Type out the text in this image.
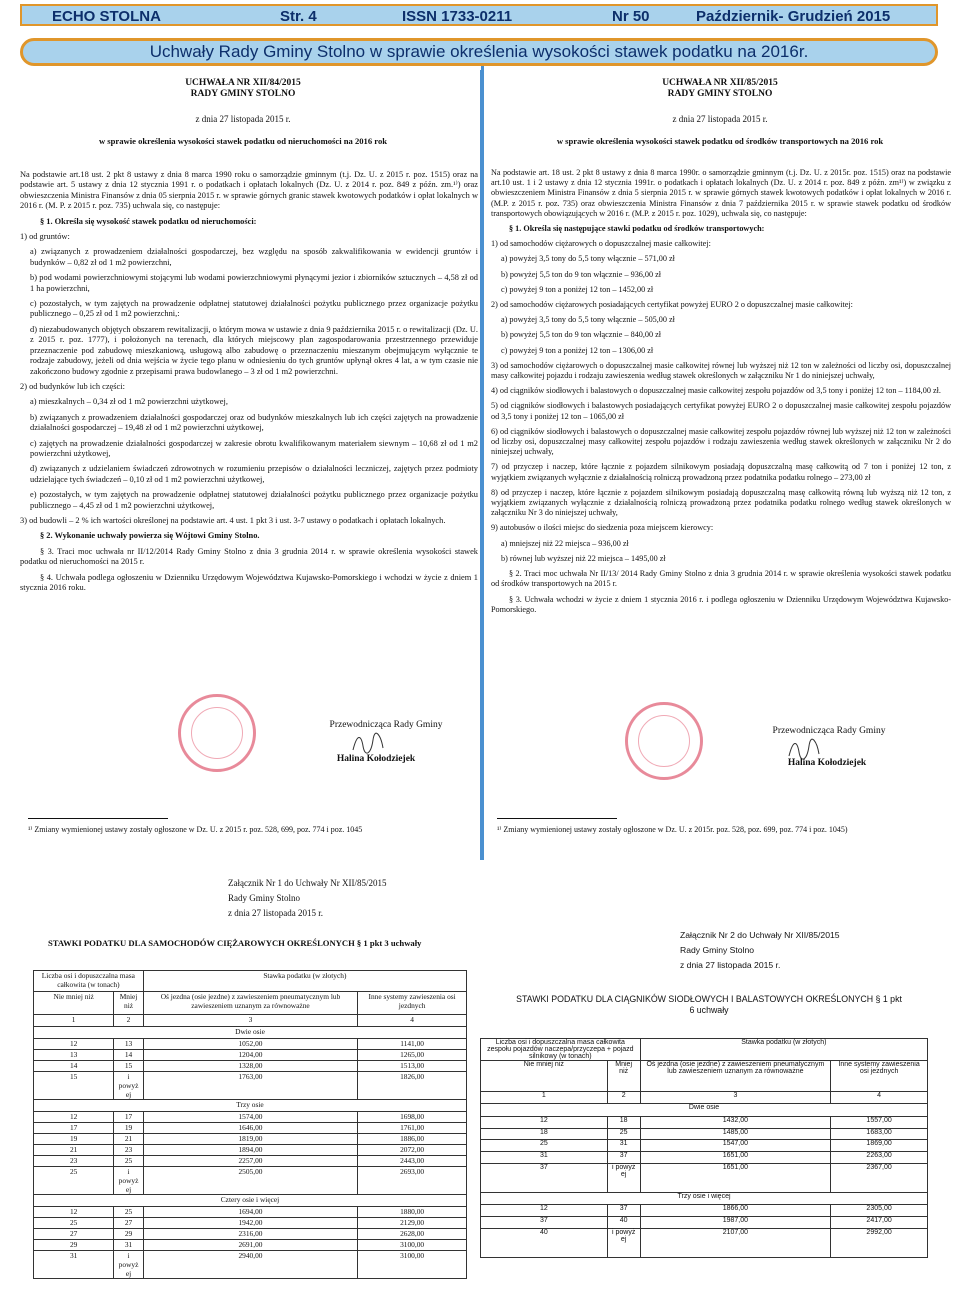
ECHO STOLNA	Str. 4	ISSN 1733-0211	Nr 50	Październik- Grudzień 2015
Uchwały Rady Gminy Stolno w sprawie określenia wysokości stawek podatku na 2016r.
UCHWAŁA NR XII/84/2015
RADY GMINY STOLNO
z dnia 27 listopada 2015 r.
w sprawie określenia wysokości stawek podatku od nieruchomości na 2016 rok

Na podstawie art.18 ust. 2 pkt 8 ustawy z dnia 8 marca 1990 roku o samorządzie gminnym (t.j. Dz. U. z 2015 r. poz. 1515) oraz na podstawie art. 5 ustawy z dnia 12 stycznia 1991 r. o podatkach i opłatach lokalnych (Dz. U. z 2014 r. poz. 849 z późn. zm.¹⁾) oraz obwieszczenia Ministra Finansów z dnia 05 sierpnia 2015 r. w sprawie górnych granic stawek kwotowych podatków i opłat lokalnych w 2016 r. (M. P. z 2015 r. poz. 735) uchwala się, co następuje:

§ 1. Określa się wysokość stawek podatku od nieruchomości:

1) od gruntów:

a) związanych z prowadzeniem działalności gospodarczej, bez względu na sposób zakwalifikowania w ewidencji gruntów i budynków – 0,82 zł od 1 m2 powierzchni,

b) pod wodami powierzchniowymi stojącymi lub wodami powierzchniowymi płynącymi jezior i zbiorników sztucznych – 4,58 zł od 1 ha powierzchni,

c) pozostałych, w tym zajętych na prowadzenie odpłatnej statutowej działalności pożytku publicznego przez organizacje pożytku publicznego – 0,25 zł od 1 m2 powierzchni,:

d) niezabudowanych objętych obszarem rewitalizacji, o którym mowa w ustawie z dnia 9 października 2015 r. o rewitalizacji (Dz. U. z 2015 r. poz. 1777), i położonych na terenach, dla których miejscowy plan zagospodarowania przestrzennego przewiduje przeznaczenie pod zabudowę mieszkaniową, usługową albo zabudowę o przeznaczeniu mieszanym obejmującym wyłącznie te rodzaje zabudowy, jeżeli od dnia wejścia w życie tego planu w odniesieniu do tych gruntów upłynął okres 4 lat, a w tym czasie nie zakończono budowy zgodnie z przepisami prawa budowlanego – 3 zł od 1 m2 powierzchni.

2) od budynków lub ich części:

a) mieszkalnych – 0,34 zł od 1 m2 powierzchni użytkowej,

b) związanych z prowadzeniem działalności gospodarczej oraz od budynków mieszkalnych lub ich części zajętych na prowadzenie działalności gospodarczej – 19,48 zł od 1 m2 powierzchni użytkowej,

c) zajętych na prowadzenie działalności gospodarczej w zakresie obrotu kwalifikowanym materiałem siewnym – 10,68 zł od 1 m2 powierzchni użytkowej,

d) związanych z udzielaniem świadczeń zdrowotnych w rozumieniu przepisów o działalności leczniczej, zajętych przez podmioty udzielające tych świadczeń – 0,10 zł od 1 m2 powierzchni użytkowej,

e) pozostałych, w tym zajętych na prowadzenie odpłatnej statutowej działalności pożytku publicznego przez organizacje pożytku publicznego – 4,45 zł od 1 m2 powierzchni użytkowej,

3) od budowli – 2 % ich wartości określonej na podstawie art. 4 ust. 1 pkt 3 i ust. 3-7 ustawy o podatkach i opłatach lokalnych.

§ 2. Wykonanie uchwały powierza się Wójtowi Gminy Stolno.

§ 3. Traci moc uchwała nr II/12/2014 Rady Gminy Stolno z dnia 3 grudnia 2014 r. w sprawie określenia wysokości stawek podatku od nieruchomości na 2015 r.

§ 4. Uchwała podlega ogłoszeniu w Dzienniku Urzędowym Województwa Kujawsko-Pomorskiego i wchodzi w życie z dniem 1 stycznia 2016 roku.

Przewodnicząca Rady Gminy
Halina Kołodziejek
¹⁾ Zmiany wymienionej ustawy zostały ogłoszone w Dz. U. z 2015 r. poz. 528, 699, poz. 774 i poz. 1045
UCHWAŁA NR XII/85/2015
RADY GMINY STOLNO
z dnia 27 listopada 2015 r.
w sprawie określenia wysokości stawek podatku od środków transportowych na 2016 rok

Na podstawie art. 18 ust. 2 pkt 8 ustawy z dnia 8 marca 1990r. o samorządzie gminnym (t.j. Dz. U. z 2015r. poz. 1515) oraz na podstawie art.10 ust. 1 i 2 ustawy z dnia 12 stycznia 1991r. o podatkach i opłatach lokalnych (Dz. U. z 2014 r. poz. 849 z późn. zm¹⁾) w związku z obwieszczeniem Ministra Finansów z dnia 5 sierpnia 2015 r. w sprawie górnych stawek kwotowych podatków i opłat lokalnych w 2016 r. (M.P. z 2015 r. poz. 735) oraz obwieszczenia Ministra Finansów z dnia 7 października 2015 r. w sprawie stawek podatku od środków transportowych obowiązujących w 2016 r. (M.P. z 2015 r. poz. 1029), uchwala się, co następuje:

§ 1. Określa się następujące stawki podatku od środków transportowych:

1) od samochodów ciężarowych o dopuszczalnej masie całkowitej:

a) powyżej 3,5 tony do 5,5 tony włącznie – 571,00 zł

b) powyżej 5,5 ton do 9 ton włącznie – 936,00 zł

c) powyżej 9 ton a poniżej 12 ton – 1452,00 zł

2) od samochodów ciężarowych posiadających certyfikat powyżej EURO 2 o dopuszczalnej masie całkowitej:

a) powyżej 3,5 tony do 5,5 tony włącznie – 505,00 zł

b) powyżej 5,5 ton do 9 ton włącznie – 840,00 zł

c) powyżej 9 ton a poniżej 12 ton – 1306,00 zł

3) od samochodów ciężarowych o dopuszczalnej masie całkowitej równej lub wyższej niż 12 ton w zależności od liczby osi, dopuszczalnej masy całkowitej pojazdu i rodzaju zawieszenia według stawek określonych w załączniku Nr 1 do niniejszej uchwały,

4) od ciągników siodłowych i balastowych o dopuszczalnej masie całkowitej zespołu pojazdów od 3,5 tony i poniżej 12 ton – 1184,00 zł.

5) od ciągników siodłowych i balastowych posiadających certyfikat powyżej EURO 2 o dopuszczalnej masie całkowitej zespołu pojazdów od 3,5 tony i poniżej 12 ton – 1065,00 zł

6) od ciągników siodłowych i balastowych o dopuszczalnej masie całkowitej zespołu pojazdów równej lub wyższej niż 12 ton w zależności od liczby osi, dopuszczalnej masy całkowitej zespołu pojazdów i rodzaju zawieszenia według stawek określonych w załączniku Nr 2 do niniejszej uchwały,

7) od przyczep i naczep, które łącznie z pojazdem silnikowym posiadają dopuszczalną masę całkowitą od 7 ton i poniżej 12 ton, z wyjątkiem związanych wyłącznie z działalnością rolniczą prowadzoną przez podatnika podatku rolnego – 273,00 zł

8) od przyczep i naczep, które łącznie z pojazdem silnikowym posiadają dopuszczalną masę całkowitą równą lub wyższą niż 12 ton, z wyjątkiem związanych wyłącznie z działalnością rolniczą prowadzoną przez podatnika podatku rolnego według stawek określonych w załączniku Nr 3 do niniejszej uchwały,

9) autobusów o ilości miejsc do siedzenia poza miejscem kierowcy:

a) mniejszej niż 22 miejsca – 936,00 zł

b) równej lub wyższej niż 22 miejsca – 1495,00 zł

§ 2. Traci moc uchwała Nr II/13/ 2014 Rady Gminy Stolno z dnia 3 grudnia 2014 r. w sprawie określenia wysokości stawek podatku od środków transportowych na 2015 r.

§ 3. Uchwała wchodzi w życie z dniem 1 stycznia 2016 r. i podlega ogłoszeniu w Dzienniku Urzędowym Województwa Kujawsko-Pomorskiego.

Przewodnicząca Rady Gminy
Halina Kołodziejek
¹⁾ Zmiany wymienionej ustawy zostały ogłoszone w Dz. U. z 2015r. poz. 528, poz. 699, poz. 774 i poz. 1045)
Załącznik Nr 1 do Uchwały Nr XII/85/2015
Rady Gminy Stolno
z dnia 27 listopada 2015 r.
STAWKI PODATKU DLA SAMOCHODÓW CIĘŻAROWYCH OKREŚLONYCH § 1 pkt 3 uchwały
Liczba osi i dopuszczalna masa całkowita (w tonach)		Stawka podatku (w złotych)	
Nie mniej niż	Mniej niż	Oś jezdna (osie jezdne) z zawieszeniem pneumatycznym lub zawieszeniem uznanym za równoważne	Inne systemy zawieszenia osi jezdnych
1	2	3	4
Dwie osie			
12	13	1052,00	1141,00
13	14	1204,00	1265,00
14	15	1328,00	1513,00
15	i powyż ej	1763,00	1826,00
Trzy osie			
12	17	1574,00	1698,00
17	19	1646,00	1761,00
19	21	1819,00	1886,00
21	23	1894,00	2072,00
23	25	2257,00	2443,00
25	i powyż ej	2505,00	2693,00
Cztery osie i więcej			
12	25	1694,00	1880,00
25	27	1942,00	2129,00
27	29	2316,00	2628,00
29	31	2691,00	3100,00
31	i powyż ej	2940,00	3100,00
Załącznik Nr 2 do Uchwały Nr XII/85/2015
Rady Gminy Stolno
z dnia 27 listopada 2015 r.
STAWKI PODATKU DLA CIĄGNIKÓW SIODŁOWYCH I BALASTOWYCH OKREŚLONYCH § 1 pkt
6 uchwały
Liczba osi i dopuszczalna masa całkowita zespołu pojazdów naczepa/przyczepa + pojazd silnikowy (w tonach)		Stawka podatku (w złotych)	
Nie mniej niż	Mniej niż	Oś jezdna (osie jezdne) z zawieszeniem pneumatycznym lub zawieszeniem uznanym za równoważne	Inne systemy zawieszenia osi jezdnych
1	2	3	4
Dwie osie			
12	18	1432,00	1557,00
18	25	1485,00	1683,00
25	31	1547,00	1869,00
31	37	1651,00	2263,00
37	i powyż ej	1651,00	2367,00
Trzy osie i więcej			
12	37	1866,00	2305,00
37	40	1987,00	2417,00
40	i powyż ej	2107,00	2992,00
